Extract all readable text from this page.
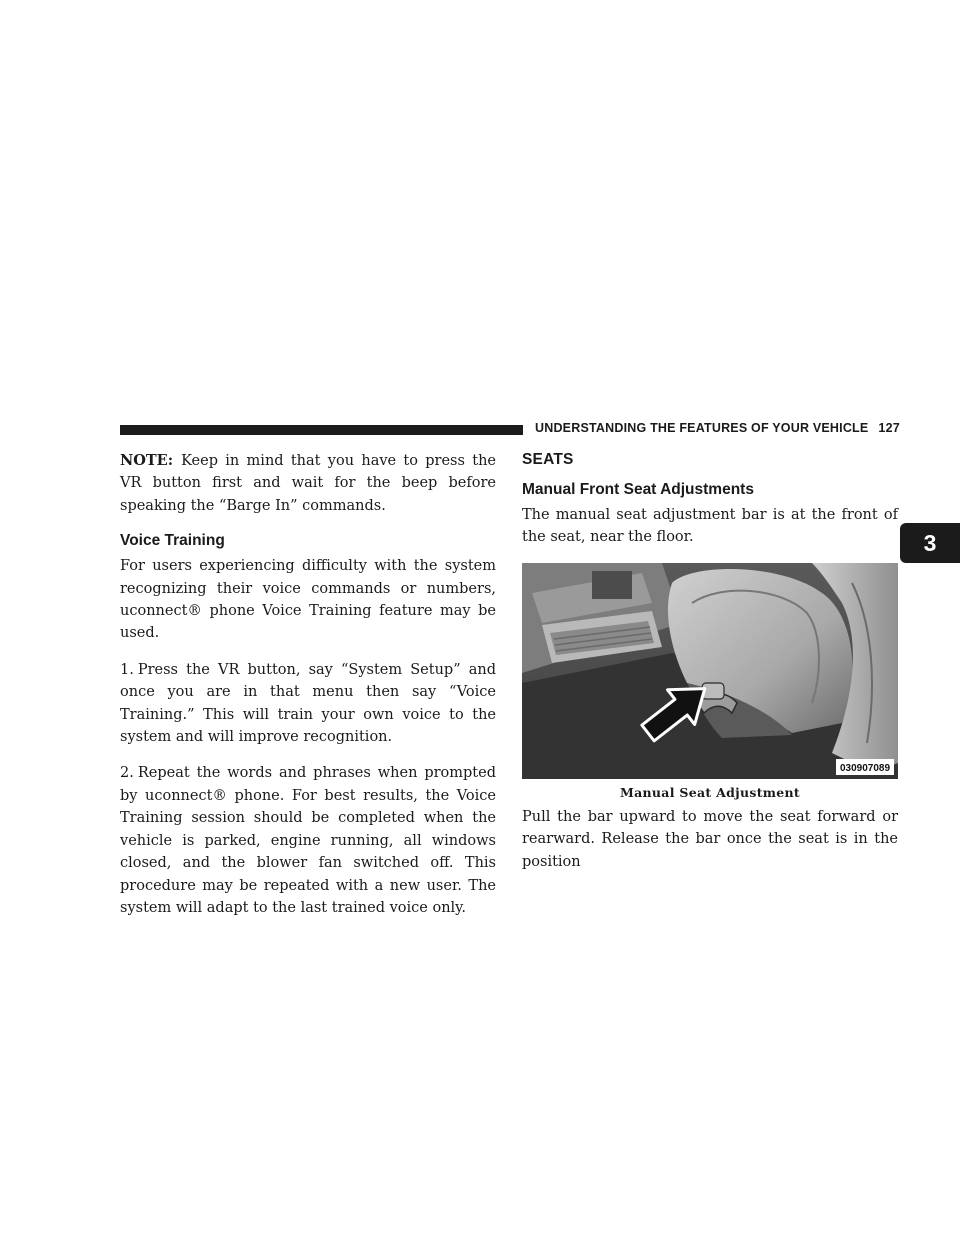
UNDERSTANDING THE FEATURES OF YOUR VEHICLE 127
3

NOTE: Keep in mind that you have to press the VR button first and wait for the beep before speaking the “Barge In” commands.

Voice Training

For users experiencing difficulty with the system recognizing their voice commands or numbers, uconnect® phone Voice Training feature may be used.

1. Press the VR button, say “System Setup” and once you are in that menu then say “Voice Training.” This will train your own voice to the system and will improve recognition.

2. Repeat the words and phrases when prompted by uconnect® phone. For best results, the Voice Training session should be completed when the vehicle is parked, engine running, all windows closed, and the blower fan switched off. This procedure may be repeated with a new user. The system will adapt to the last trained voice only.

SEATS
Manual Front Seat Adjustments

The manual seat adjustment bar is at the front of the seat, near the floor.

030907089
Manual Seat Adjustment

Pull the bar upward to move the seat forward or rearward. Release the bar once the seat is in the position
